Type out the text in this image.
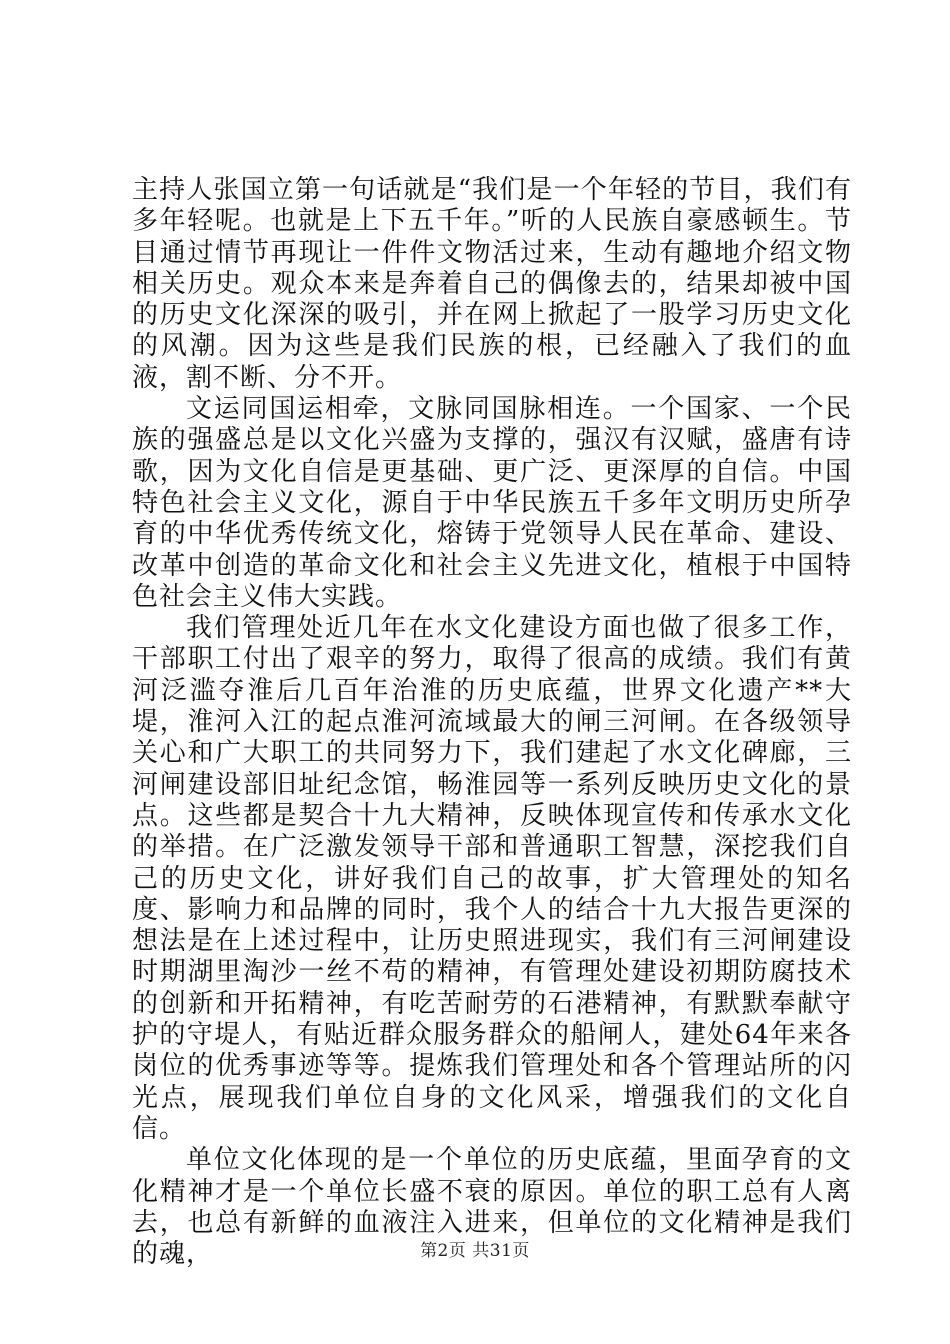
主持人张国立第一句话就是“我们是一个年轻的节目，我们有多年轻呢。也就是上下五千年。”听的人民族自豪感顿生。节目通过情节再现让一件件文物活过来，生动有趣地介绍文物相关历史。观众本来是奔着自己的偶像去的，结果却被中国的历史文化深深的吸引，并在网上掀起了一股学习历史文化的风潮。因为这些是我们民族的根，已经融入了我们的血液，割不断、分不开。

文运同国运相牵，文脉同国脉相连。一个国家、一个民族的强盛总是以文化兴盛为支撑的，强汉有汉赋，盛唐有诗歌，因为文化自信是更基础、更广泛、更深厚的自信。中国特色社会主义文化，源自于中华民族五千多年文明历史所孕育的中华优秀传统文化，熔铸于党领导人民在革命、建设、改革中创造的革命文化和社会主义先进文化，植根于中国特色社会主义伟大实践。

我们管理处近几年在水文化建设方面也做了很多工作，干部职工付出了艰辛的努力，取得了很高的成绩。我们有黄河泛滥夺淮后几百年治淮的历史底蕴，世界文化遗产**大堤，淮河入江的起点淮河流域最大的闸三河闸。在各级领导关心和广大职工的共同努力下，我们建起了水文化碑廊，三河闸建设部旧址纪念馆，畅淮园等一系列反映历史文化的景点。这些都是契合十九大精神，反映体现宣传和传承水文化的举措。在广泛激发领导干部和普通职工智慧，深挖我们自己的历史文化，讲好我们自己的故事，扩大管理处的知名度、影响力和品牌的同时，我个人的结合十九大报告更深的想法是在上述过程中，让历史照进现实，我们有三河闸建设时期湖里淘沙一丝不苟的精神，有管理处建设初期防腐技术的创新和开拓精神，有吃苦耐劳的石港精神，有默默奉献守护的守堤人，有贴近群众服务群众的船闸人，建处64年来各岗位的优秀事迹等等。提炼我们管理处和各个管理站所的闪光点，展现我们单位自身的文化风采，增强我们的文化自信。

单位文化体现的是一个单位的历史底蕴，里面孕育的文化精神才是一个单位长盛不衰的原因。单位的职工总有人离去，也总有新鲜的血液注入进来，但单位的文化精神是我们的魂，	第2页 共31页
